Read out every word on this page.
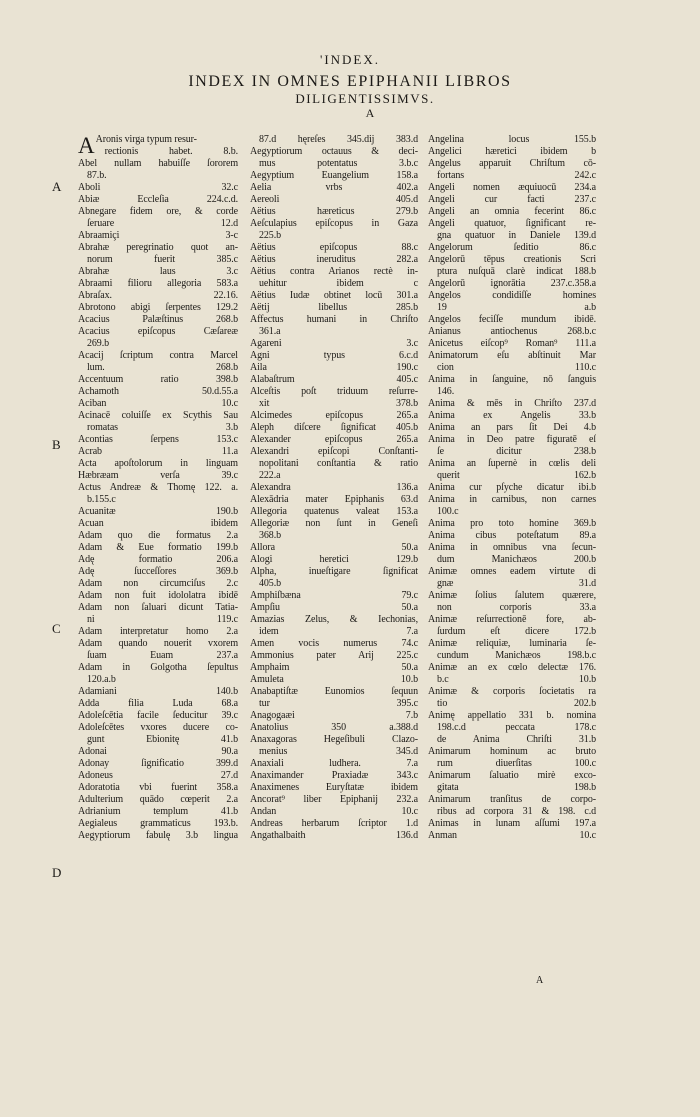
'INDEX.
INDEX IN OMNES EPIPHANII LIBROS
DILIGENTISSIMVS.
A
A
B
C
D
A Aronis virga typum resur-
rectionis habet. 8.b.
Abel nullam habuiſſe ſororem
87.b.
Aboli 32.c
Abiæ Eccleſia 224.c.d.
Abnegare fidem ore, & corde
ſeruare 12.d
Abraamiçi 3-c
Abrahæ peregrinatio quot an-
norum fuerit 385.c
Abrahæ laus 3.c
Abraami filioru allegoria 583.a
Abraſax. 22.16.
Abrotono abigi ſerpentes 129.2
Acacius Palæſtinus 268.b
Acacius epiſcopus Cæſareæ
269.b
Acacij ſcriptum contra Marcel
lum. 268.b
Accentuum ratio 398.b
Achamoth 50.d.55.a
Aciban 10.c
Acinacē coluiſſe ex Scythis Sau
romatas 3.b
Acontias ſerpens 153.c
Acrab 11.a
Acta apoſtolorum in linguam
Hæbræam verſa 39.c
Actus Andreæ & Thomę 122. a.
b.155.c
Acuanitæ 190.b
Acuan ibidem
Adam quo die formatus 2.a
Adam & Eue formatio 199.b
Adę formatio 206.a
Adę ſucceſſores 369.b
Adam non circumciſus 2.c
Adam non fuit idololatra ibidē
Adam non ſaluari dicunt Tatia-
ni 119.c
Adam interpretatur homo 2.a
Adam quando nouerit vxorem
ſuam Euam 237.a
Adam in Golgotha ſepultus
120.a.b
Adamiani 140.b
Adda filia Luda 68.a
Adoleſcētia facile ſeducitur 39.c
Adoleſcētes vxores ducere co-
gunt Ebionitę 41.b
Adonai 90.a
Adonay ſignificatio 399.d
Adoneus 27.d
Adoratotia vbi fuerint 358.a
Adulterium quādo cœperit 2.a
Adrianium templum 41.b
Aegialeus grammaticus 193.b.
Aegyptiorum fabulę 3.b lingua
87.d hęreſes 345.dij 383.d
Aegyptiorum octauus & deci-
mus potentatus 3.b.c
Aegyptium Euangelium 158.a
Aelia vrbs 402.a
Aereoli 405.d
Aëtius hæreticus 279.b
Aeſculapius epiſcopus in Gaza
225.b
Aëtius epiſcopus 88.c
Aëtius ineruditus 282.a
Aëtius contra Arianos rectè in-
uehitur ibidem c
Aëtius Iudæ obtinet locū 301.a
Aëtij libellus 285.b
Affectus humani in Chriſto
361.a
Agareni 3.c
Agni typus 6.c.d
Aila 190.c
Alabaſtrum 405.c
Alceſtis poſt triduum reſurre-
xit 378.b
Alcimedes epiſcopus 265.a
Aleph diſcere ſignificat 405.b
Alexander epiſcopus 265.a
Alexandri epiſcopi Conſtanti-
nopolitani conſtantia & ratio
222.a
Alexandra 136.a
Alexādria mater Epiphanis 63.d
Allegoria quatenus valeat 153.a
Allegoriæ non ſunt in Geneſi
368.b
Allora 50.a
Alogi heretici 129.b
Alpha, inueſtigare ſignificat
405.b
Amphiſbæna 79.c
Ampſiu 50.a
Amazias Zelus, & Iechonias,
idem 7.a
Amen vocis numerus 74.c
Ammonius pater Arij 225.c
Amphaim 50.a
Amuleta 10.b
Anabaptiſtæ Eunomios ſequun
tur 395.c
Anagogaæi 7.b
Anatolius 350 a.388.d
Anaxagoras Hegeſibuli Clazo-
menius 345.d
Anaxiali ludhera. 7.a
Anaximander Praxiadæ 343.c
Anaximenes Euryſtatæ ibidem
Ancorat⁹ liber Epiphanij 232.a
Andan 10.c
Andreas herbarum ſcriptor 1.d
Angathalbaith 136.d
Angelina locus 155.b
Angelici hæretici ibidem b
Angelus apparuit Chriſtum cō-
fortans 242.c
Angeli nomen æquiuocū 234.a
Angeli cur facti 237.c
Angeli an omnia fecerint 86.c
Angeli quatuor, ſignificant re-
gna quatuor in Daniele 139.d
Angelorum ſeditio 86.c
Angelorū tēpus creationis Scri
ptura nuſquā clarè indicat 188.b
Angelorū ignorātia 237.c.358.a
Angelos condidiſſe homines
19 a.b
Angelos feciſſe mundum ibidē.
Anianus antiochenus 268.b.c
Anicetus eiſcop⁹ Roman⁹ 111.a
Animatorum eſu abſtinuit Mar
cion 110.c
Anima in ſanguine, nō ſanguis
146.
Anima & mēs in Chriſto 237.d
Anima ex Angelis 33.b
Anima an pars ſit Dei 4.b
Anima in Deo patre figuratē eſ
ſe dicitur 238.b
Anima an ſupernè in cœlis deli
querit 162.b
Anima cur pſyche dicatur ibi.b
Anima in carnibus, non carnes
100.c
Anima pro toto homine 369.b
Anima cibus poteſtatum 89.a
Anima in omnibus vna ſecun-
dum Manichæos 200.b
Animæ omnes eadem virtute di
gnæ 31.d
Animæ ſolius ſalutem quærere,
non corporis 33.a
Animæ reſurrectionē fore, ab-
ſurdum eſt dicere 172.b
Animæ reliquiæ, luminaria ſe-
cundum Manichæos 198.b.c
Animæ an ex cœlo delectæ 176.
b.c 10.b
Animæ & corporis ſocietatis ra
tio 202.b
Animę appellatio 331 b. nomina
198.c.d peccata 178.c
de Anima Chriſti 31.b
Animarum hominum ac bruto
rum diuerſitas 100.c
Animarum ſaluatio mirè exco-
gitata 198.b
Animarum tranſitus de corpo-
ribus ad corpora 31 & 198. c.d
Animas in lunam aſſumi 197.a
Anman 10.c
A
